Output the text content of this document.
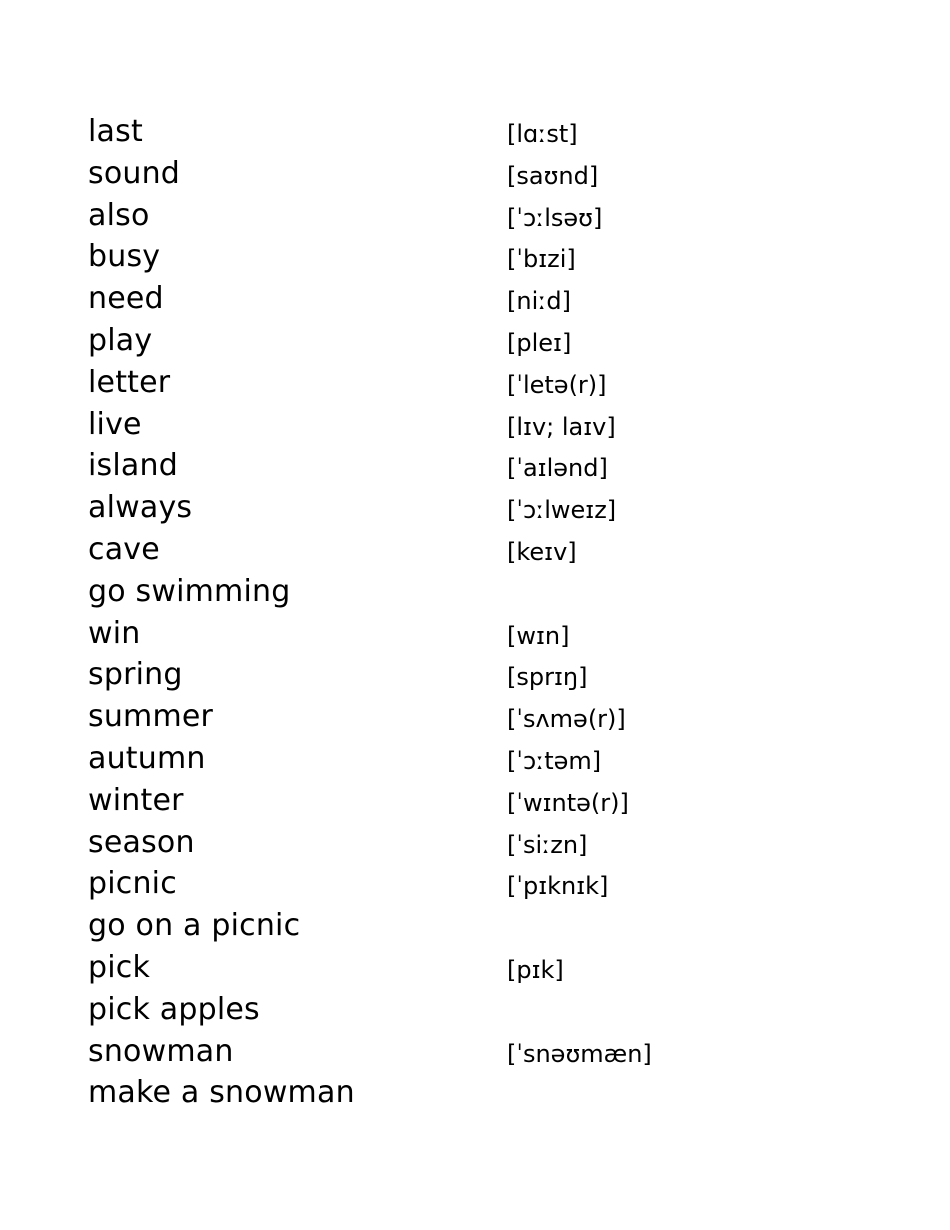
last	[lɑːst]
sound	[saʊnd]
also	[ˈɔːlsəʊ]
busy	[ˈbɪzi]
need	[niːd]
play	[pleɪ]
letter	[ˈletə(r)]
live	[lɪv; laɪv]
island	[ˈaɪlənd]
always	[ˈɔːlweɪz]
cave	[keɪv]
go swimming
win	[wɪn]
spring	[sprɪŋ]
summer	[ˈsʌmə(r)]
autumn	[ˈɔːtəm]
winter	[ˈwɪntə(r)]
season	[ˈsiːzn]
picnic	[ˈpɪknɪk]
go on a picnic
pick	[pɪk]
pick apples
snowman	[ˈsnəʊmæn]
make a snowman
